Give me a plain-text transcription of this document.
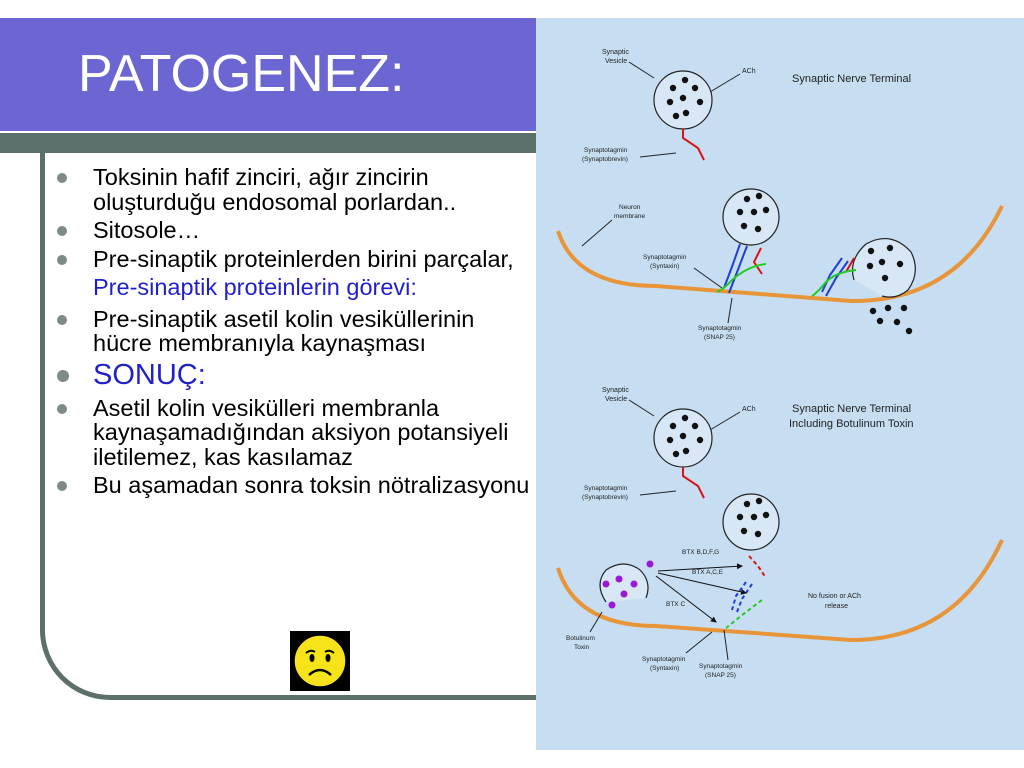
PATOGENEZ:
Toksinin hafif zinciri, ağır zincirin oluşturduğu endosomal porlardan..
Sitosole…
Pre-sinaptik proteinlerden birini parçalar,
Pre-sinaptik proteinlerin görevi:
Pre-sinaptik asetil kolin vesiküllerinin hücre membranıyla kaynaşması
SONUÇ:
Asetil kolin vesikülleri membranla kaynaşamadığından aksiyon potansiyeli iletilemez, kas kasılamaz
Bu aşamadan sonra toksin nötralizasyonu
Synaptic
Vesicle
ACh
Synaptic Nerve Terminal
Synaptotagmin
(Synaptobrevin)
Neuron
membrane
Synaptotagmin
(Syntaxin)
Synaptotagmin
(SNAP 25)
Synaptic
Vesicle
ACh	Synaptic Nerve Terminal
Including Botulinum Toxin
Synaptotagmin
(Synaptobrevin)
Botulinum
Toxin
BTX B,D,F,G
BTX A,C,E
BTX C
No fusion or ACh
release
Synaptotagmin
(Syntaxin)	Synaptotagmin
(SNAP 25)
